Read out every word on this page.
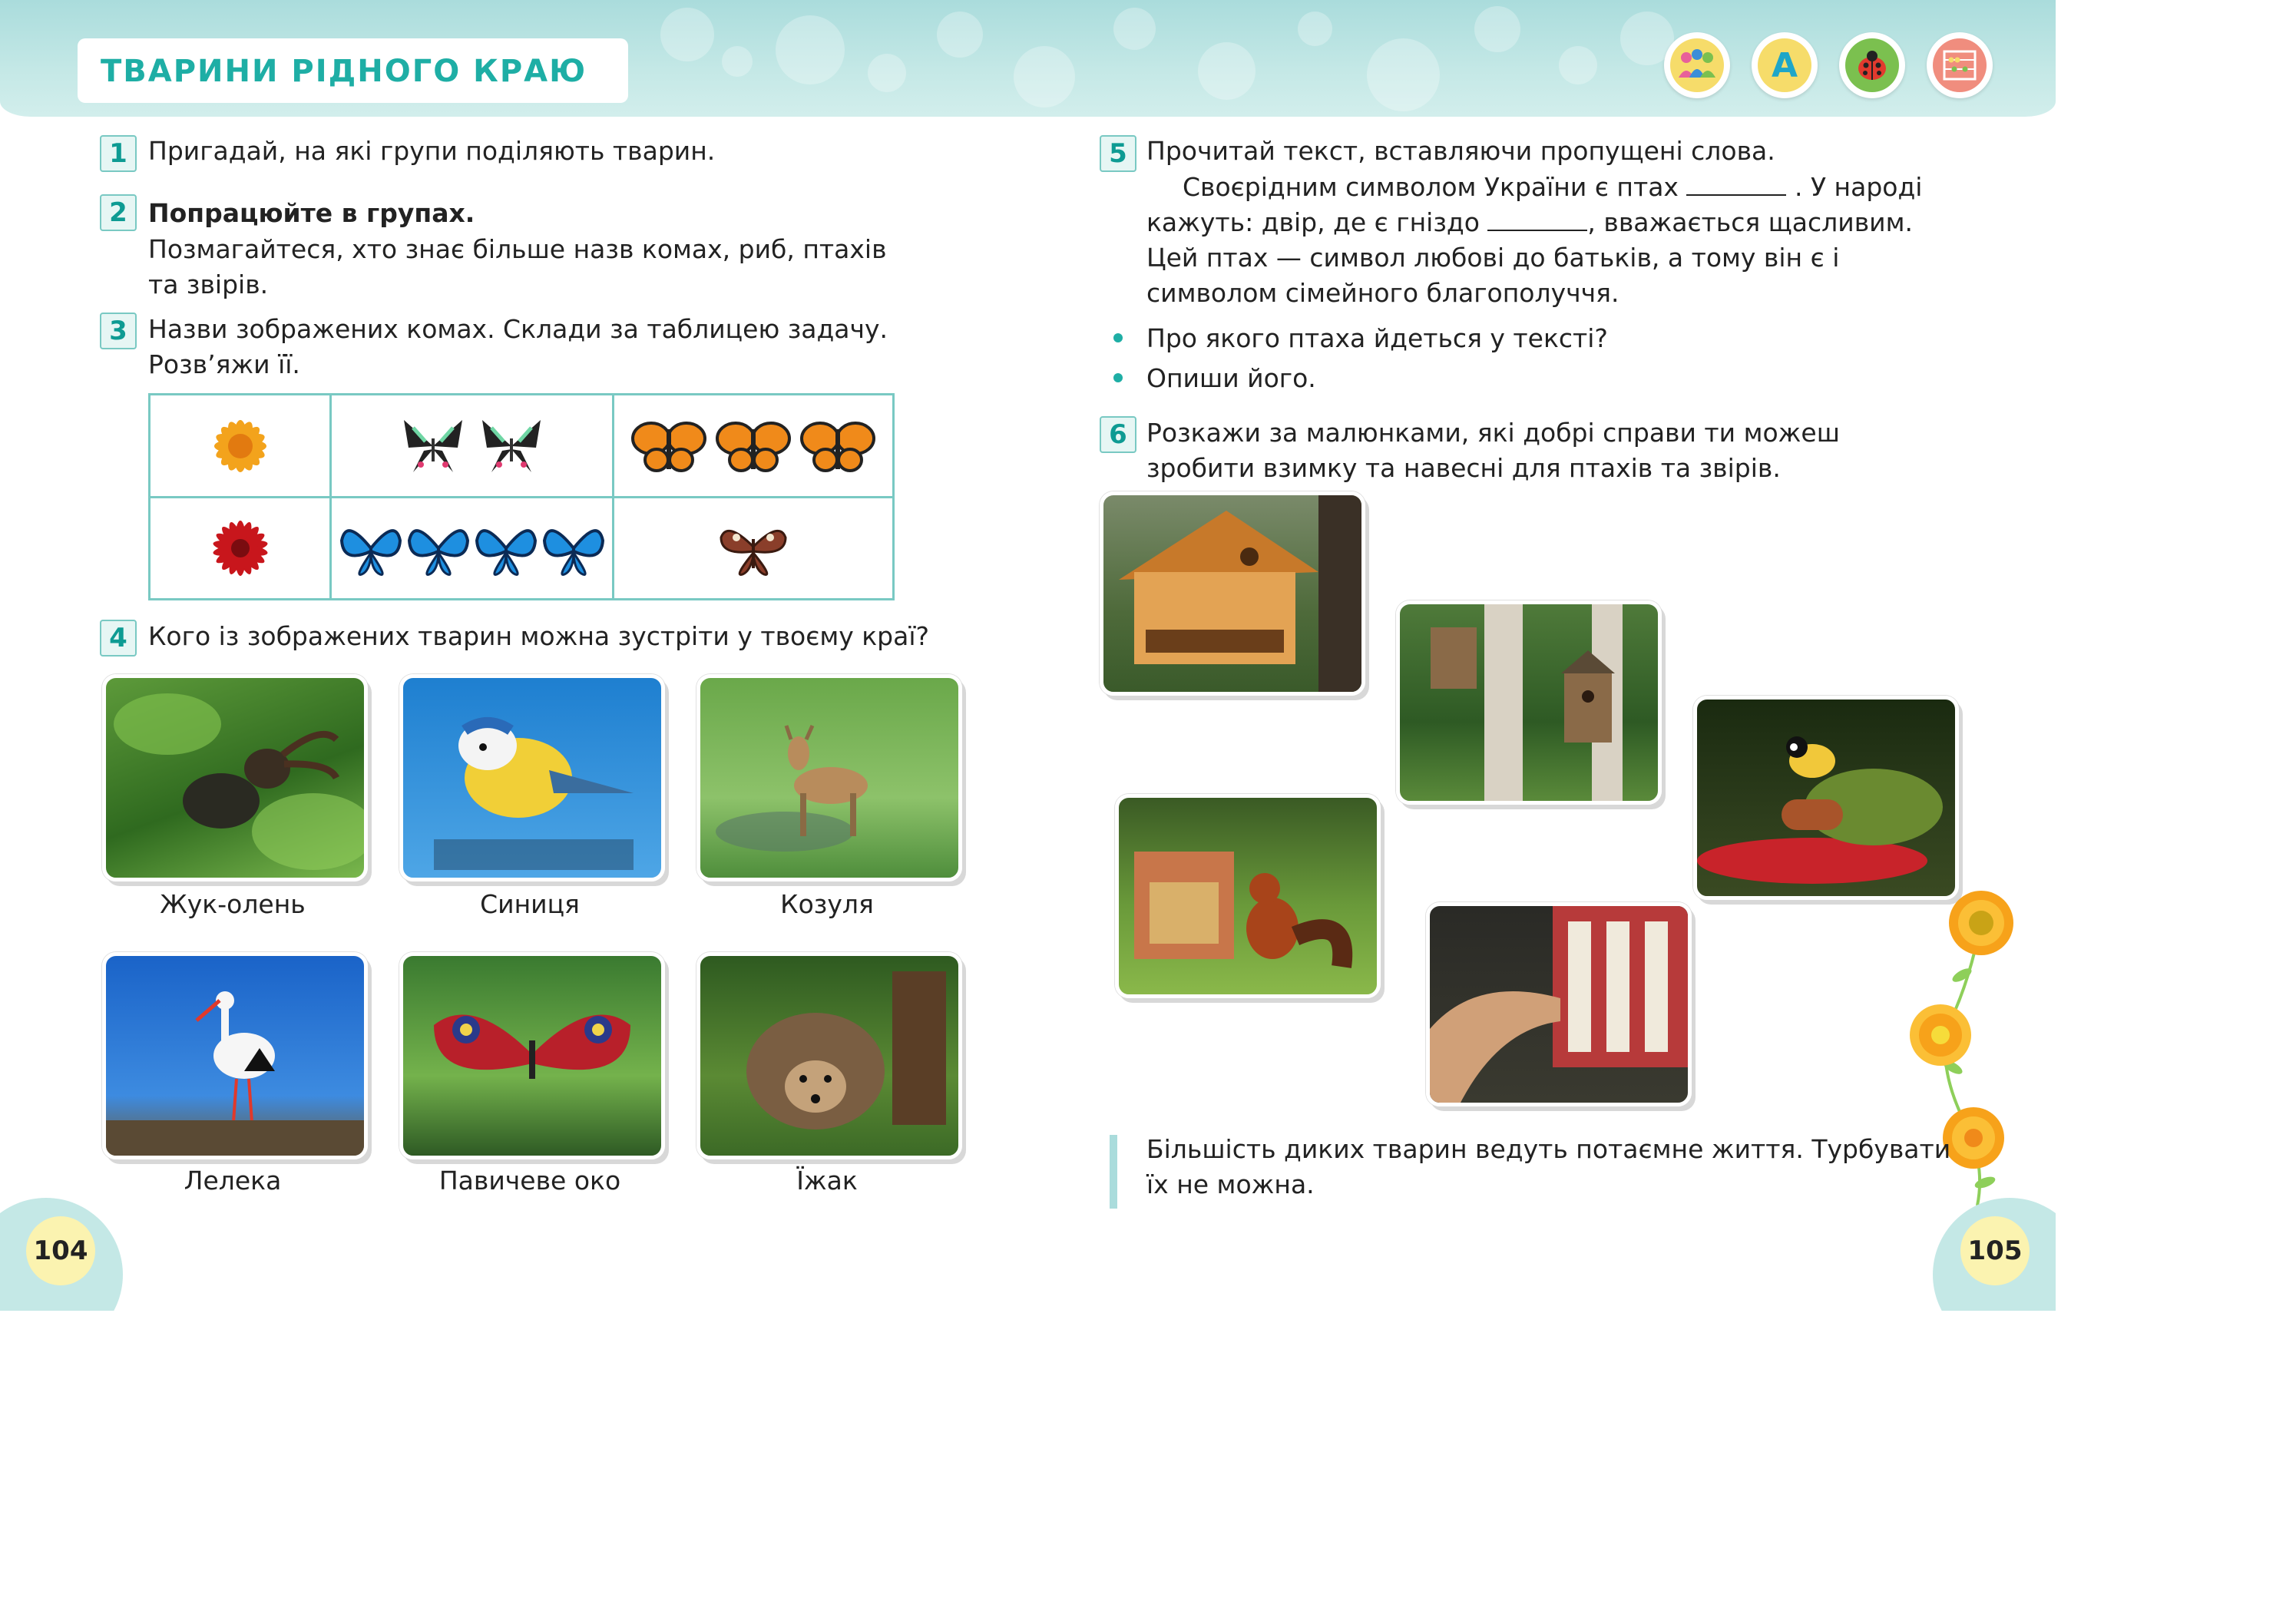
ТВАРИНИ РІДНОГО КРАЮ	A
1 Пригадай, на які групи поділяють тварин.
2 Попрацюйте в групах.
Позмагайтеся, хто знає більше назв комах, риб, птахів
та звірів.
3 Назви зображених комах. Склади за таблицею задачу.
Розв’яжи її.
4 Кого із зображених тварин можна зустріти у твоєму краї?
Жук-олень	Синиця	Козуля
Лелека	Павичеве око	Їжак
104
5 Прочитай текст, вставляючи пропущені слова.
Своєрідним символом України є птах	. У народі
кажуть: двір, де є гніздо	, вважається щасливим.
Цей птах — символ любові до батьків, а тому він є і
символом сімейного благополуччя.
Про якого птаха йдеться у тексті?
Опиши його.
6 Розкажи за малюнками, які добрі справи ти можеш
зробити взимку та навесні для птахів та звірів.
Більшість диких тварин ведуть потаємне життя. Турбувати
їх не можна.
105
